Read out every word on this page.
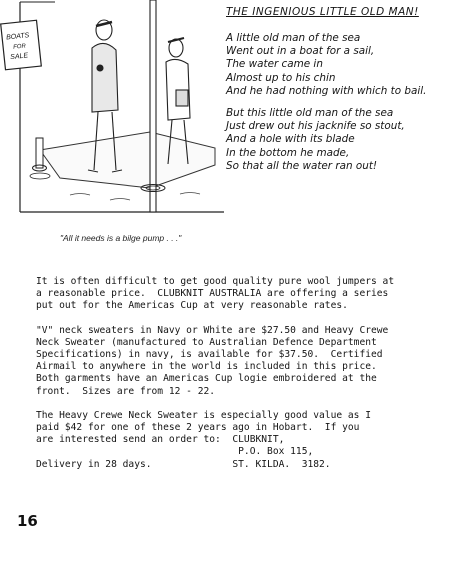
BOATS
FOR
SALE
"All it needs is a bilge pump . . ."
THE INGENIOUS LITTLE OLD MAN!
A little old man of the sea
Went out in a boat for a sail,
The water came in
Almost up to his chin
And he had nothing with which to bail.
But this little old man of the sea
Just drew out his jacknife so stout,
And a hole with its blade
In the bottom he made,
So that all the water ran out!
It is often difficult to get good quality pure wool jumpers at
a reasonable price.  CLUBKNIT AUSTRALIA are offering a series
put out for the Americas Cup at very reasonable rates.
"V" neck sweaters in Navy or White are $27.50 and Heavy Crewe
Neck Sweater (manufactured to Australian Defence Department
Specifications) in navy, is available for $37.50.  Certified
Airmail to anywhere in the world is included in this price.
Both garments have an Americas Cup logie embroidered at the
front.  Sizes are from 12 - 22.
The Heavy Crewe Neck Sweater is especially good value as I
paid $42 for one of these 2 years ago in Hobart.  If you
are interested send an order to:  CLUBKNIT,
P.O. Box 115,
Delivery in 28 days.              ST. KILDA.  3182.
16
